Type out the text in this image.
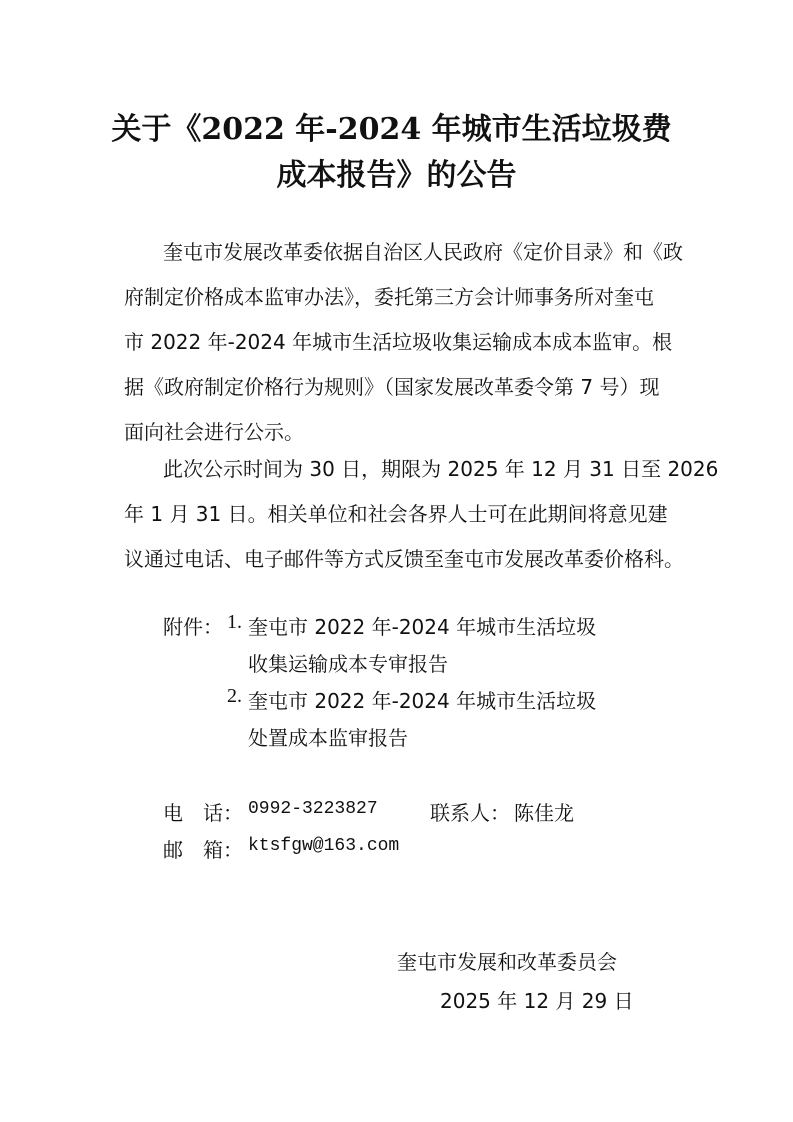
关于《2022 年-2024 年城市生活垃圾费
成本报告》的公告
奎屯市发展改革委依据自治区人民政府《定价目录》和《政
府制定价格成本监审办法》，委托第三方会计师事务所对奎屯
市 2022 年-2024 年城市生活垃圾收集运输成本成本监审。根
据《政府制定价格行为规则》（国家发展改革委令第 7 号）现
面向社会进行公示。
此次公示时间为 30 日，期限为 2025 年 12 月 31 日至 2026
年 1 月 31 日。相关单位和社会各界人士可在此期间将意见建
议通过电话、电子邮件等方式反馈至奎屯市发展改革委价格科。
附件： 1. 奎屯市 2022 年-2024 年城市生活垃圾
收集运输成本专审报告
2. 奎屯市 2022 年-2024 年城市生活垃圾
处置成本监审报告
电　话： 0992-3223827	联系人： 陈佳龙
邮　箱： ktsfgw@163.com
奎屯市发展和改革委员会
2025 年 12 月 29 日
